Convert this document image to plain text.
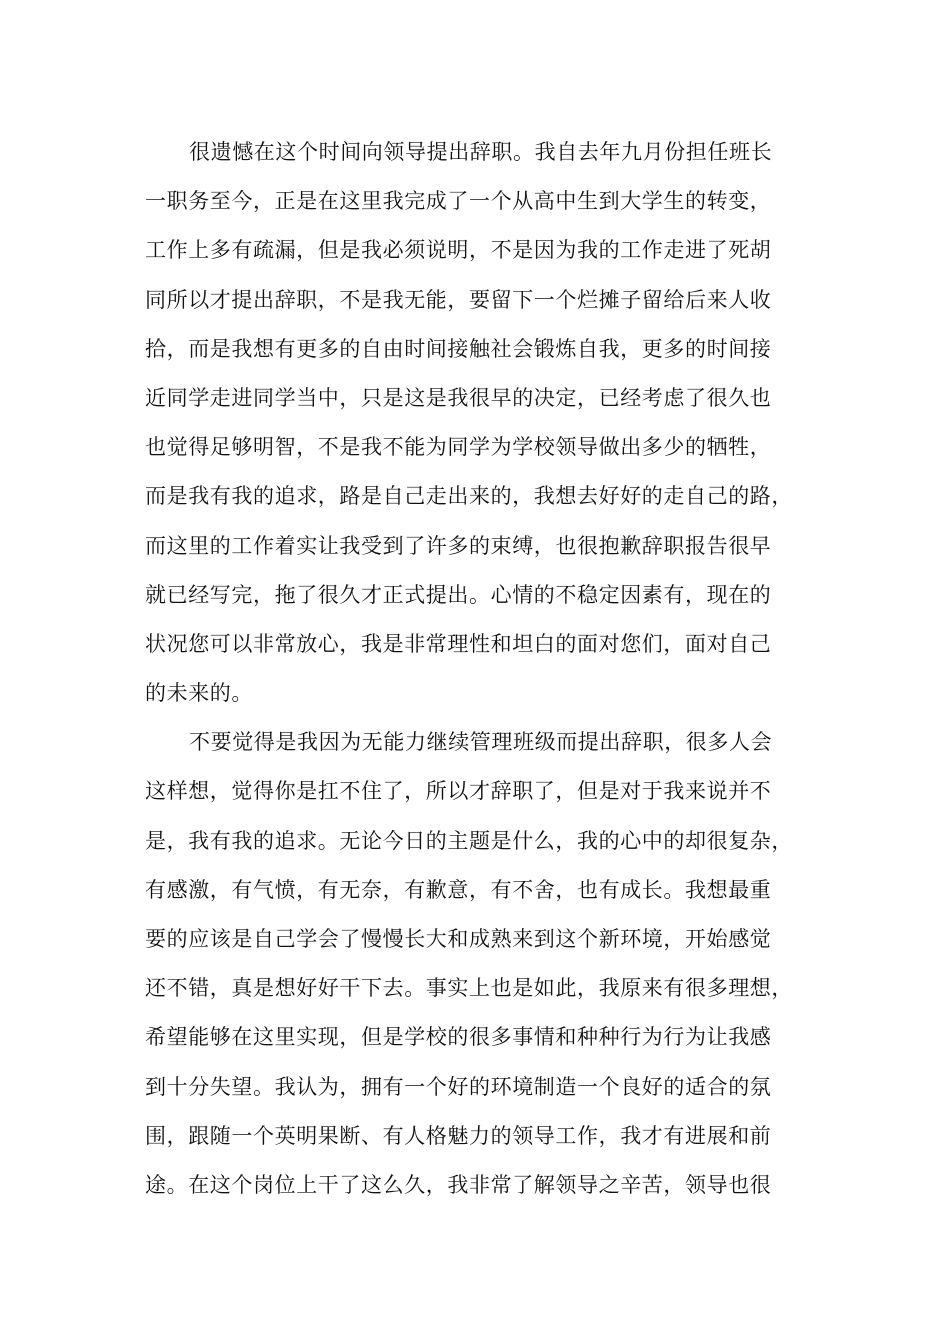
很遗憾在这个时间向领导提出辞职。我自去年九月份担任班长
一职务至今，正是在这里我完成了一个从高中生到大学生的转变，
工作上多有疏漏，但是我必须说明，不是因为我的工作走进了死胡
同所以才提出辞职，不是我无能，要留下一个烂摊子留给后来人收
拾，而是我想有更多的自由时间接触社会锻炼自我，更多的时间接
近同学走进同学当中，只是这是我很早的决定，已经考虑了很久也
也觉得足够明智，不是我不能为同学为学校领导做出多少的牺牲，
而是我有我的追求，路是自己走出来的，我想去好好的走自己的路，
而这里的工作着实让我受到了许多的束缚，也很抱歉辞职报告很早
就已经写完，拖了很久才正式提出。心情的不稳定因素有，现在的
状况您可以非常放心，我是非常理性和坦白的面对您们，面对自己
的未来的。
不要觉得是我因为无能力继续管理班级而提出辞职，很多人会
这样想，觉得你是扛不住了，所以才辞职了，但是对于我来说并不
是，我有我的追求。无论今日的主题是什么，我的心中的却很复杂，
有感激，有气愤，有无奈，有歉意，有不舍，也有成长。我想最重
要的应该是自己学会了慢慢长大和成熟来到这个新环境，开始感觉
还不错，真是想好好干下去。事实上也是如此，我原来有很多理想，
希望能够在这里实现，但是学校的很多事情和种种行为行为让我感
到十分失望。我认为，拥有一个好的环境制造一个良好的适合的氛
围，跟随一个英明果断、有人格魅力的领导工作，我才有进展和前
途。在这个岗位上干了这么久，我非常了解领导之辛苦，领导也很
